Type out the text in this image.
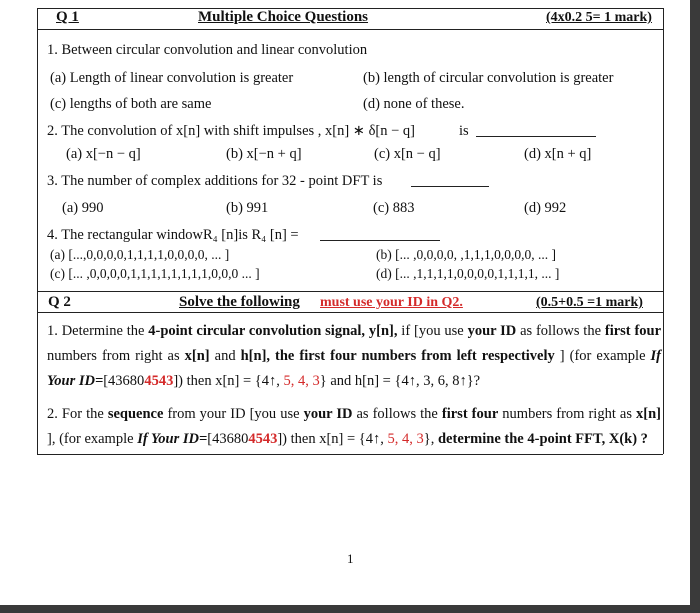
Q 1	Multiple Choice Questions	(4x0.2 5= 1 mark)
1. Between circular convolution and linear convolution
(a) Length of linear convolution is greater	(b) length of circular convolution is greater
(c) lengths of both are same	(d) none of these.
2. The convolution of x[n] with shift impulses , x[n] ∗ δ[n − q]	is
(a) x[−n − q]	(b) x[−n + q]	(c) x[n − q]	(d) x[n + q]
3. The number of complex additions for 32 - point DFT is
(a) 990	(b) 991	(c) 883	(d) 992
4. The rectangular windowR₄ [n]is R₄ [n] =
(a) [...,0,0,0,0,1,1,1,1,0,0,0,0, ... ]	(b) [... ,0,0,0,0, ,1,1,1,0,0,0,0, ... ]
(c) [... ,0,0,0,0,1,1,1,1,1,1,1,1,0,0,0 ... ]	(d) [... ,1,1,1,1,0,0,0,0,1,1,1,1, ... ]
Q 2	Solve the following must use your ID in Q2.	(0.5+0.5 =1 mark)
1. Determine the 4-point circular convolution signal, y[n], if [you use your ID as follows the first four numbers from right as x[n] and h[n], the first four numbers from left respectively ] (for example If Your ID=[436804543]) then x[n] = {4↑, 5, 4, 3} and h[n] = {4↑, 3, 6, 8↑}?
2. For the sequence from your ID [you use your ID as follows the first four numbers from right as x[n] ], (for example If Your ID=[436804543]) then x[n] = {4↑, 5, 4, 3}, determine the 4-point FFT, X(k) ?
1
